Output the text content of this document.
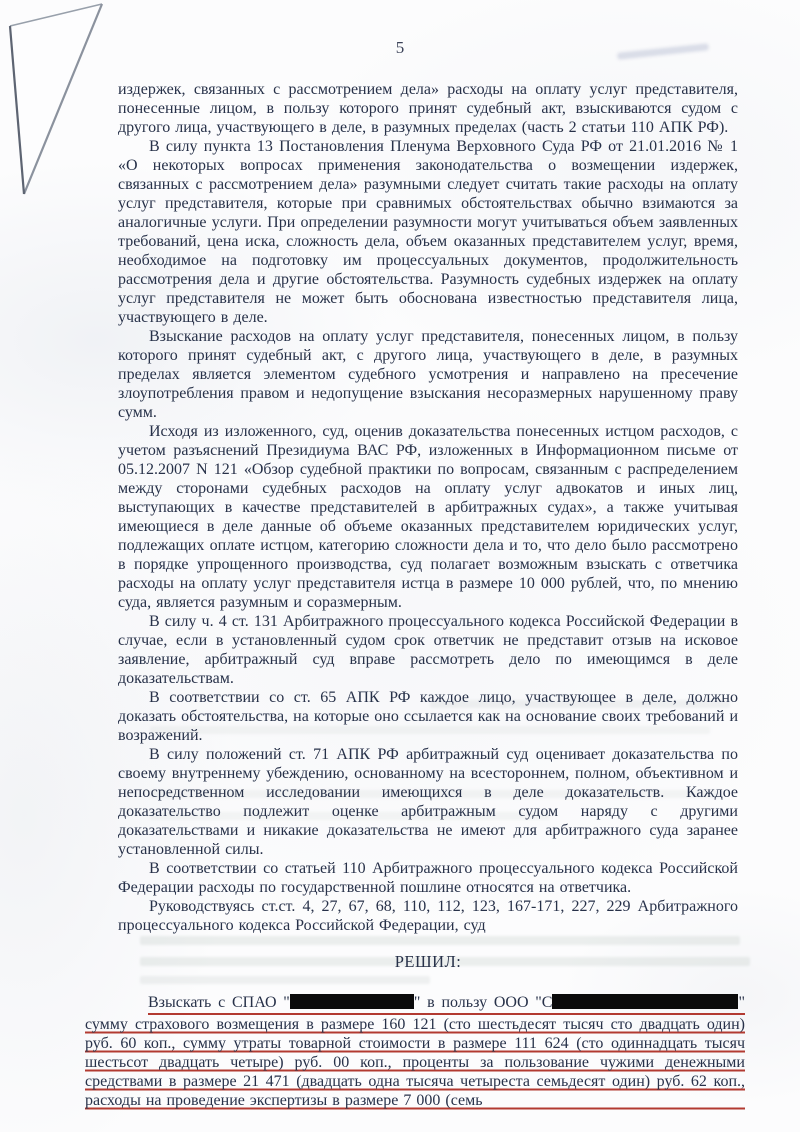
5

издержек, связанных с рассмотрением дела» расходы на оплату услуг представителя, понесенные лицом, в пользу которого принят судебный акт, взыскиваются судом с другого лица, участвующего в деле, в разумных пределах (часть 2 статьи 110 АПК РФ).

В силу пункта 13 Постановления Пленума Верховного Суда РФ от 21.01.2016 № 1 «О некоторых вопросах применения законодательства о возмещении издержек, связанных с рассмотрением дела» разумными следует считать такие расходы на оплату услуг представителя, которые при сравнимых обстоятельствах обычно взимаются за аналогичные услуги. При определении разумности могут учитываться объем заявленных требований, цена иска, сложность дела, объем оказанных представителем услуг, время, необходимое на подготовку им процессуальных документов, продолжительность рассмотрения дела и другие обстоятельства. Разумность судебных издержек на оплату услуг представителя не может быть обоснована известностью представителя лица, участвующего в деле.

Взыскание расходов на оплату услуг представителя, понесенных лицом, в пользу которого принят судебный акт, с другого лица, участвующего в деле, в разумных пределах является элементом судебного усмотрения и направлено на пресечение злоупотребления правом и недопущение взыскания несоразмерных нарушенному праву сумм.

Исходя из изложенного, суд, оценив доказательства понесенных истцом расходов, с учетом разъяснений Президиума ВАС РФ, изложенных в Информационном письме от 05.12.2007 N 121 «Обзор судебной практики по вопросам, связанным с распределением между сторонами судебных расходов на оплату услуг адвокатов и иных лиц, выступающих в качестве представителей в арбитражных судах», а также учитывая имеющиеся в деле данные об объеме оказанных представителем юридических услуг, подлежащих оплате истцом, категорию сложности дела и то, что дело было рассмотрено в порядке упрощенного производства, суд полагает возможным взыскать с ответчика расходы на оплату услуг представителя истца в размере 10 000 рублей, что, по мнению суда, является разумным и соразмерным.

В силу ч. 4 ст. 131 Арбитражного процессуального кодекса Российской Федерации в случае, если в установленный судом срок ответчик не представит отзыв на исковое заявление, арбитражный суд вправе рассмотреть дело по имеющимся в деле доказательствам.

В соответствии со ст. 65 АПК РФ каждое лицо, участвующее в деле, должно доказать обстоятельства, на которые оно ссылается как на основание своих требований и возражений.

В силу положений ст. 71 АПК РФ арбитражный суд оценивает доказательства по своему внутреннему убеждению, основанному на всестороннем, полном, объективном и непосредственном исследовании имеющихся в деле доказательств. Каждое доказательство подлежит оценке арбитражным судом наряду с другими доказательствами и никакие доказательства не имеют для арбитражного суда заранее установленной силы.

В соответствии со статьей 110 Арбитражного процессуального кодекса Российской Федерации расходы по государственной пошлине относятся на ответчика.

Руководствуясь ст.ст. 4, 27, 67, 68, 110, 112, 123, 167-171, 227, 229 Арбитражного процессуального кодекса Российской Федерации, суд

РЕШИЛ:
Взыскать с СПАО "	" в пользу ООО "С	"
сумму страхового возмещения в размере 160 121 (сто шестьдесят тысяч сто двадцать один) руб. 60 коп., сумму утраты товарной стоимости в размере 111 624 (сто одиннадцать тысяч шестьсот двадцать четыре) руб. 00 коп., проценты за пользование чужими денежными средствами в размере 21 471 (двадцать одна тысяча четыреста семьдесят один) руб. 62 коп., расходы на проведение экспертизы в размере 7 000 (семь
